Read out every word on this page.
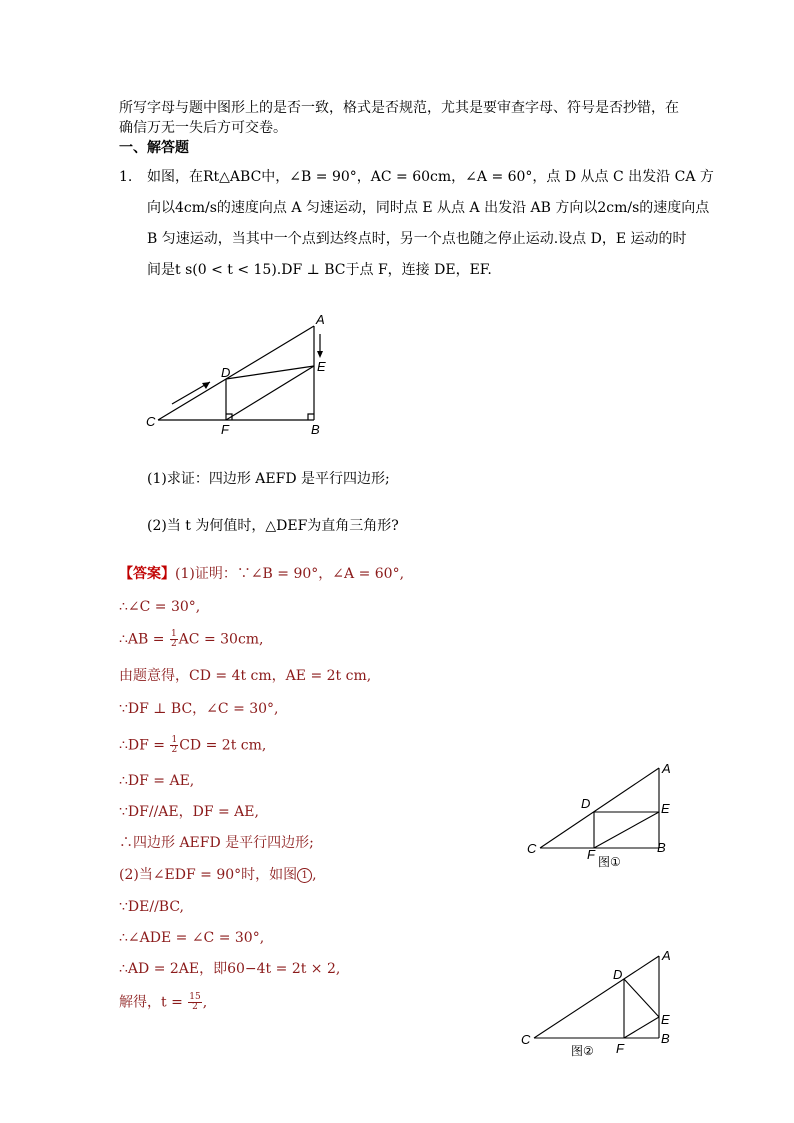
所写字母与题中图形上的是否一致，格式是否规范，尤其是要审查字母、符号是否抄错，在
确信万无一失后方可交卷。
一、解答题
1. 如图，在Rt△ABC中，∠B = 90°，AC = 60cm，∠A = 60°，点 D 从点 C 出发沿 CA 方
向以4cm/s的速度向点 A 匀速运动，同时点 E 从点 A 出发沿 AB 方向以2cm/s的速度向点
B 匀速运动，当其中一个点到达终点时，另一个点也随之停止运动.设点 D，E 运动的时
间是t s(0 < t < 15).DF ⊥ BC于点 F，连接 DE，EF.
A
B
C
D	E
F
(1)求证：四边形 AEFD 是平行四边形;
(2)当 t 为何值时，△DEF为直角三角形?
【答案】(1)证明：∵∠B = 90°，∠A = 60°,
∴∠C = 30°,
∴AB = $\frac{1}{2}$ AC = 30cm,
由题意得，CD = 4t cm，AE = 2t cm,
∵DF ⊥ BC，∠C = 30°,
∴DF = $\frac{1}{2}$ CD = 2t cm,
∴DF = AE,
∵DF//AE，DF = AE,
∴四边形 AEFD 是平行四边形;
(2)当∠EDF = 90°时，如图 1 ,
∵DE//BC,
∴∠ADE = ∠C = 30°,
∴AD = 2AE，即60−4t = 2t × 2,
解得，$t = \frac{15}{2}$ ,
A
B
C
D	E
F 图①
A
B
C
D
E
F
图②
